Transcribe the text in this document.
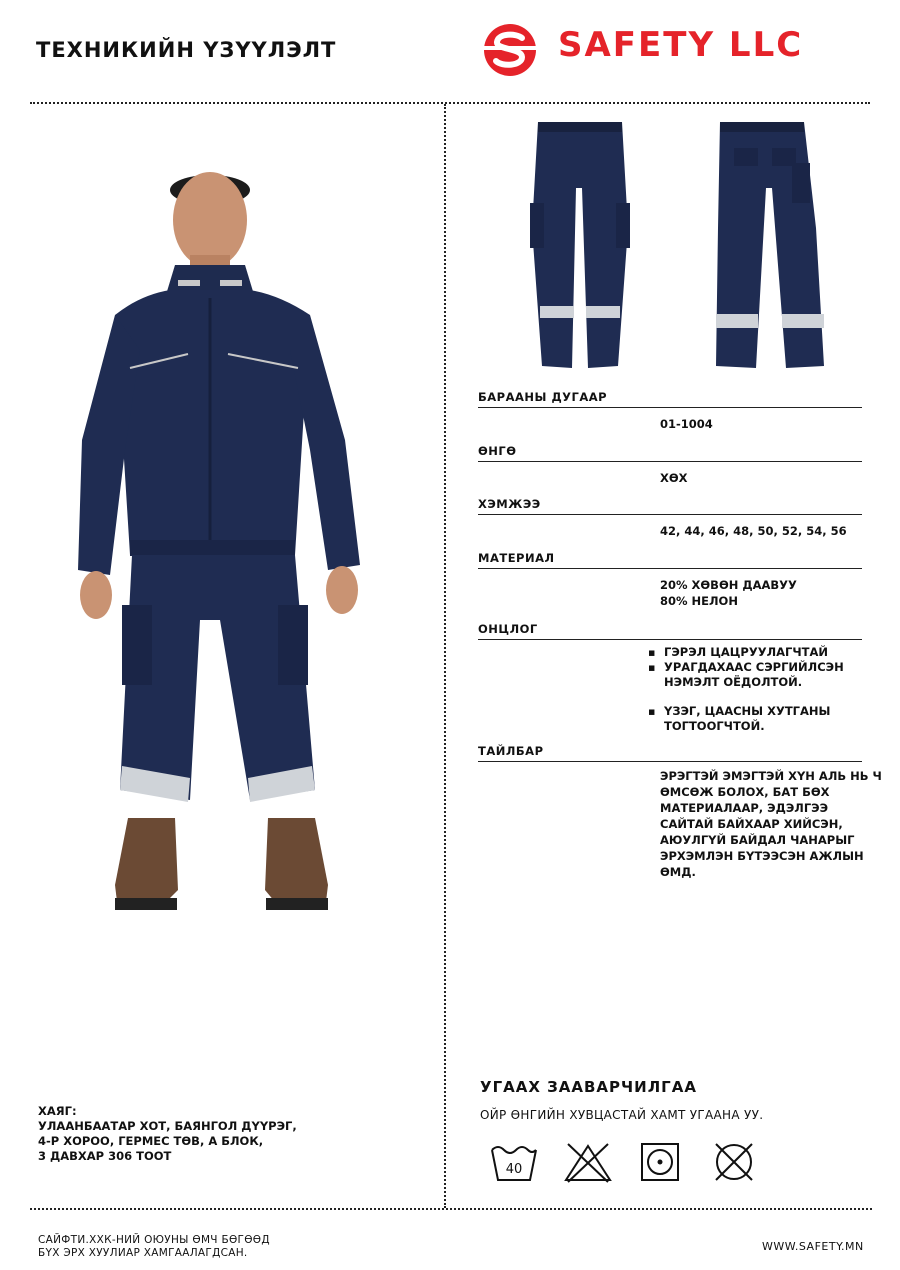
ТЕХНИКИЙН ҮЗҮҮЛЭЛТ	SAFETY LLC
БАРААНЫ ДУГААР
01-1004
ӨНГӨ
ХӨХ
ХЭМЖЭЭ
42, 44, 46, 48, 50, 52, 54, 56
МАТЕРИАЛ
20% ХӨВӨН ДААВУУ
80% НЕЛОН
ОНЦЛОГ
▪ ГЭРЭЛ ЦАЦРУУЛАГЧТАЙ
▪ УРАГДАХААС СЭРГИЙЛСЭН НЭМЭЛТ ОЁДОЛТОЙ.
▪ ҮЗЭГ, ЦААСНЫ ХУТГАНЫ ТОГТООГЧТОЙ.
ТАЙЛБАР
ЭРЭГТЭЙ ЭМЭГТЭЙ ХҮН АЛЬ НЬ Ч ӨМСӨЖ БОЛОХ, БАТ БӨХ МАТЕРИАЛААР, ЭДЭЛГЭЭ САЙТАЙ БАЙХААР ХИЙСЭН, АЮУЛГҮЙ БАЙДАЛ ЧАНАРЫГ ЭРХЭМЛЭН БҮТЭЭСЭН АЖЛЫН ӨМД.
УГААХ ЗААВАРЧИЛГАА
ОЙР ӨНГИЙН ХУВЦАСТАЙ ХАМТ УГААНА УУ.
40
ХАЯГ:
УЛААНБААТАР ХОТ, БАЯНГОЛ ДҮҮРЭГ,
4-Р ХОРОО, ГЕРМЕС ТӨВ, А БЛОК,
3 ДАВХАР 306 ТООТ
САЙФТИ.ХХК-НИЙ ОЮУНЫ ӨМЧ БӨГӨӨД
БҮХ ЭРХ ХУУЛИАР ХАМГААЛАГДСАН.	WWW.SAFETY.MN
